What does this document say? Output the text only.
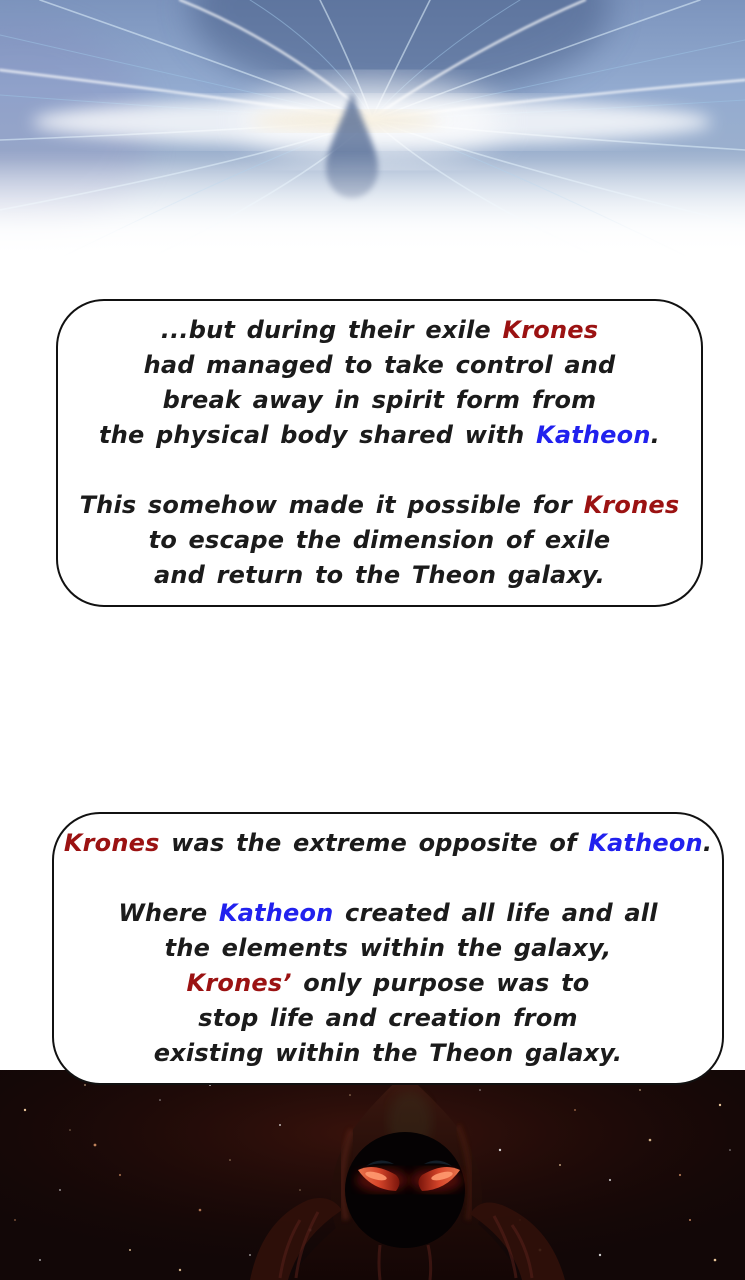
...but during their exile Krones
had managed to take control and
break away in spirit form from
the physical body shared with Katheon.

This somehow made it possible for Krones
to escape the dimension of exile
and return to the Theon galaxy.
Krones was the extreme opposite of Katheon.

Where Katheon created all life and all
the elements within the galaxy,
Krones’ only purpose was to
stop life and creation from
existing within the Theon galaxy.
